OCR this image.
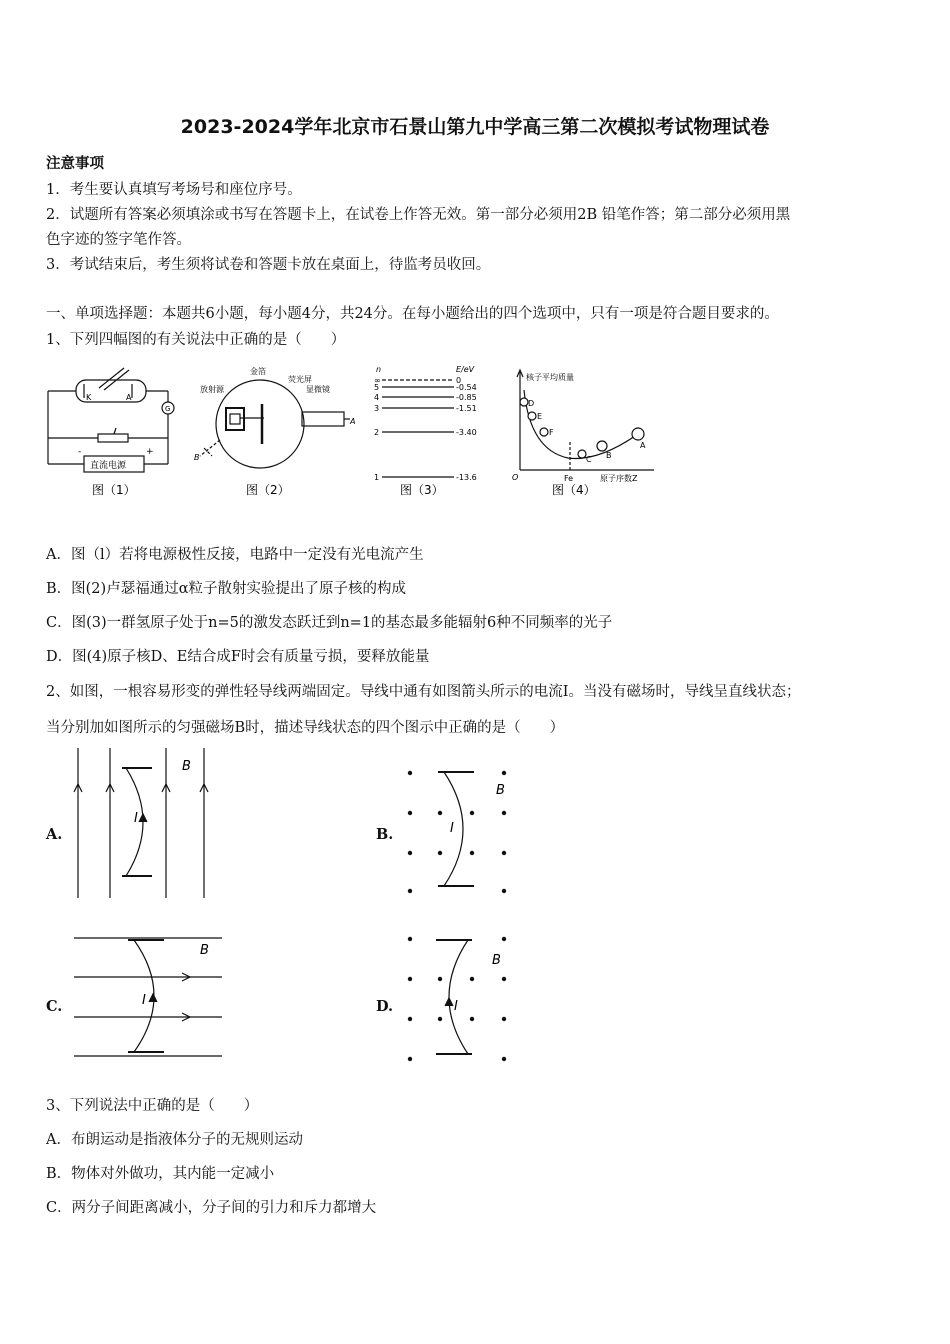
2023-2024学年北京市石景山第九中学高三第二次模拟考试物理试卷
注意事项
1．考生要认真填写考场号和座位序号。
2．试题所有答案必须填涂或书写在答题卡上，在试卷上作答无效。第一部分必须用2B 铅笔作答；第二部分必须用黑
色字迹的签字笔作答。
3．考试结束后，考生须将试卷和答题卡放在桌面上，待监考员收回。
一、单项选择题：本题共6小题，每小题4分，共24分。在每小题给出的四个选项中，只有一项是符合题目要求的。
1、下列四幅图的有关说法中正确的是（　　）
K	A
G
直流电源
-	+
图（1）
放射源
金箔
荧光屏
显微镜
A
B
图（2）
n	E/eV
∞	0
5	-0.54
4	-0.85
3	-1.51
2	-3.40
1	-13.6
图（3）
核子平均质量
原子序数Z
O	Fe
D
E
F
C B
A
图（4）
A．图（l）若将电源极性反接，电路中一定没有光电流产生
B．图(2)卢瑟福通过α粒子散射实验提出了原子核的构成
C．图(3)一群氢原子处于n=5的激发态跃迁到n=1的基态最多能辐射6种不同频率的光子
D．图(4)原子核D、E结合成F时会有质量亏损，要释放能量
2、如图，一根容易形变的弹性轻导线两端固定。导线中通有如图箭头所示的电流I。当没有磁场时，导线呈直线状态；
当分别加如图所示的匀强磁场B时，描述导线状态的四个图示中正确的是（　　）
A.
B
I
B.
B
I
C.
B
I	D.
B
I
3、下列说法中正确的是（　　）
A．布朗运动是指液体分子的无规则运动
B．物体对外做功，其内能一定减小
C．两分子间距离减小，分子间的引力和斥力都增大
